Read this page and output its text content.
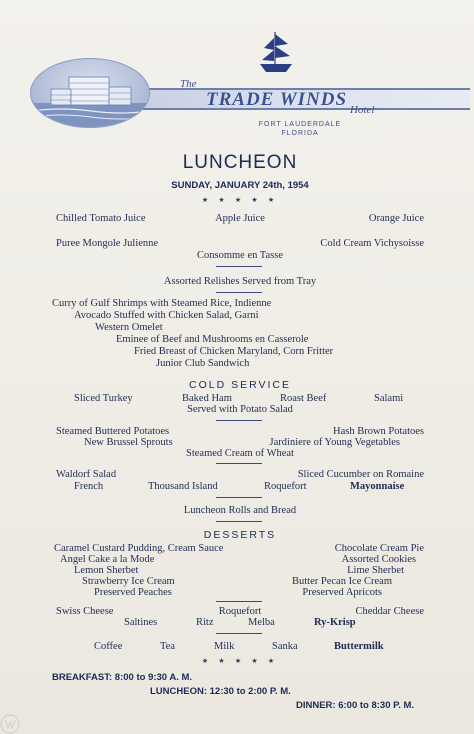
The
TRADE WINDS Hotel
FORT LAUDERDALE
FLORIDA
LUNCHEON
SUNDAY, JANUARY 24th, 1954
★ ★ ★ ★ ★
Chilled Tomato Juice	Apple Juice	Orange Juice
Puree Mongole Julienne	Cold Cream Vichysoisse
Consomme en Tasse
Assorted Relishes Served from Tray
Curry of Gulf Shrimps with Steamed Rice, Indienne
Avocado Stuffed with Chicken Salad, Garni
Western Omelet
Eminee of Beef and Mushrooms en Casserole
Fried Breast of Chicken Maryland, Corn Fritter
Junior Club Sandwich
COLD SERVICE
Sliced Turkey	Baked Ham	Roast Beef	Salami
Served with Potato Salad
Steamed Buttered Potatoes	Hash Brown Potatoes
New Brussel Sprouts	Jardiniere of Young Vegetables
Steamed Cream of Wheat
Waldorf Salad	Sliced Cucumber on Romaine
French	Thousand Island	Roquefort	Mayonnaise
Luncheon Rolls and Bread
DESSERTS
Caramel Custard Pudding, Cream Sauce
Angel Cake a la Mode
Lemon Sherbet
Strawberry Ice Cream
Preserved Peaches
Chocolate Cream Pie
Assorted Cookies
Lime Sherbet
Butter Pecan Ice Cream
Preserved Apricots
Swiss Cheese	Roquefort	Cheddar Cheese
Saltines	Ritz	Melba	Ry-Krisp
Coffee	Tea	Milk	Sanka	Buttermilk
★ ★ ★ ★ ★
BREAKFAST: 8:00 to 9:30 A. M.
LUNCHEON: 12:30 to 2:00 P. M.
DINNER: 6:00 to 8:30 P. M.
